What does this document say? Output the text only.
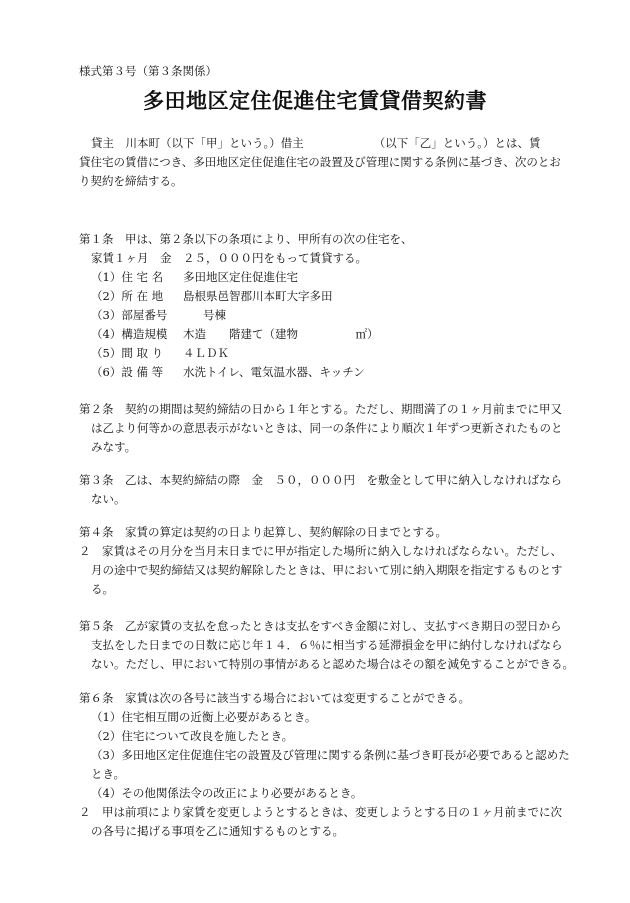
様式第３号（第３条関係）
多田地区定住促進住宅賃貸借契約書
貸主　川本町（以下「甲」という。）借主	（以下「乙」という。）とは、賃
貸住宅の賃借につき、多田地区定住促進住宅の設置及び管理に関する条例に基づき、次のとお
り契約を締結する。
第１条　甲は、第２条以下の条項により、甲所有の次の住宅を、
家賃１ヶ月　金　２５，０００円をもって賃貸する。
（1）住 宅 名 多田地区定住促進住宅
（2）所 在 地 島根県邑智郡川本町大字多田
（3）部屋番号	号棟
（4）構造規模 木造　　階建て（建物　　　　　㎡）
（5）間 取 り ４ＬＤＫ
（6）設 備 等 水洗トイレ、電気温水器、キッチン
第２条　契約の期間は契約締結の日から１年とする。ただし、期間満了の１ヶ月前までに甲又
は乙より何等かの意思表示がないときは、同一の条件により順次１年ずつ更新されたものと
みなす。
第３条　乙は、本契約締結の際　金　５０，０００円　を敷金として甲に納入しなければなら
ない。
第４条　家賃の算定は契約の日より起算し、契約解除の日までとする。
２　家賃はその月分を当月末日までに甲が指定した場所に納入しなければならない。ただし、
月の途中で契約締結又は契約解除したときは、甲において別に納入期限を指定するものとす
る。
第５条　乙が家賃の支払を怠ったときは支払をすべき金額に対し、支払すべき期日の翌日から
支払をした日までの日数に応じ年１４．６％に相当する延滞損金を甲に納付しなければなら
ない。ただし、甲において特別の事情があると認めた場合はその額を減免することができる。
第６条　家賃は次の各号に該当する場合においては変更することができる。
（1）住宅相互間の近衡上必要があるとき。
（2）住宅について改良を施したとき。
（3）多田地区定住促進住宅の設置及び管理に関する条例に基づき町長が必要であると認めた
とき。
（4）その他関係法令の改正により必要があるとき。
２　甲は前項により家賃を変更しようとするときは、変更しようとする日の１ヶ月前までに次
の各号に掲げる事項を乙に通知するものとする。
